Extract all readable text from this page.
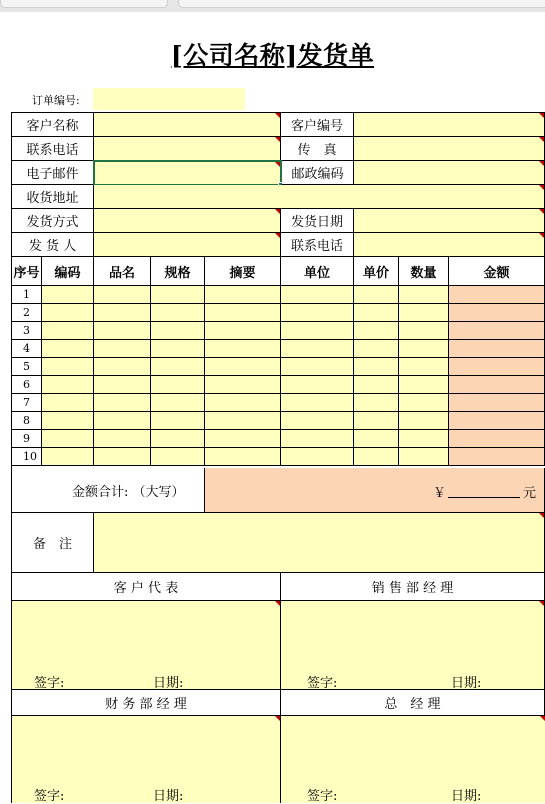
[公司名称]发货单
订单编号:
客户名称	客户编号
联系电话	传　真
电子邮件	邮政编码
收货地址
发货方式	发货日期
发 货 人	联系电话
序号	编码	品名	规格	摘要	单位	单价	数量	金额
1
2
3
4
5
6
7
8
9
10
金额合计: （大写）	￥	元
备　注
客 户 代 表	销 售 部 经 理
签字:	日期:	签字:	日期:
财 务 部 经 理	总　经 理
签字:	日期:	签字:	日期:
